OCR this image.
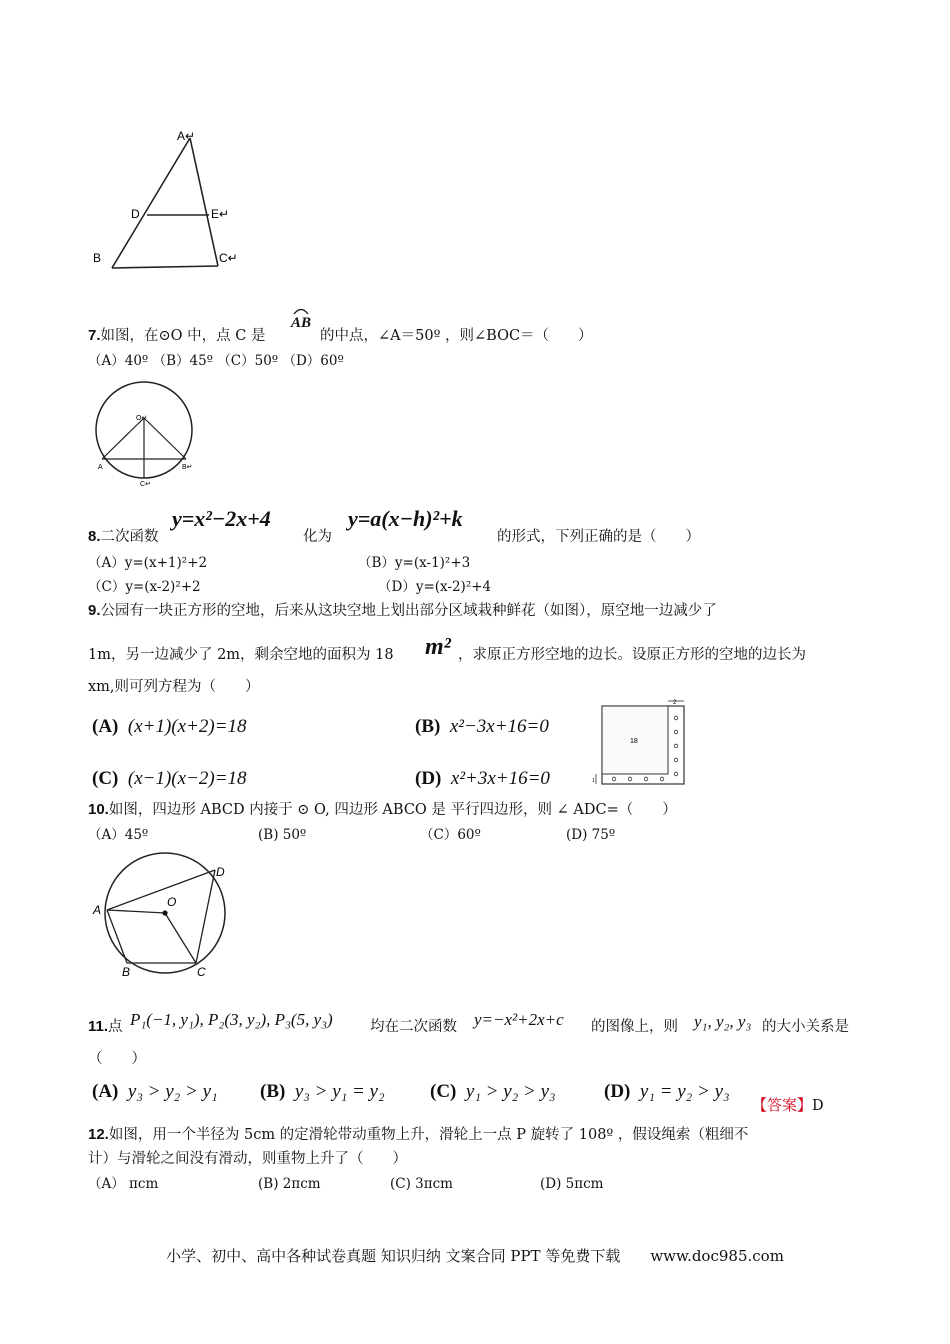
A↵
D	E↵
B	C↵
7.如图，在⊙O 中，点 C 是
AB
的中点，∠A＝50º ，则∠BOC＝（　　）
（A）40º （B）45º （C）50º （D）60º
O↵
A	B↵
C↵
8.二次函数
y=x²−2x+4
化为
y=a(x−h)²+k
的形式，下列正确的是（　　）
（A）y=(x+1)²+2	（B）y=(x-1)²+3
（C）y=(x-2)²+2	（D）y=(x-2)²+4
9.公园有一块正方形的空地，后来从这块空地上划出部分区域栽种鲜花（如图），原空地一边减少了
1m，另一边减少了 2m，剩余空地的面积为 18 m² ，求原正方形空地的边长。设原正方形的空地的边长为
xm,则可列方程为（　　）
(A) (x+1)(x+2)=18	(B) x²−3x+16=0
(C) (x−1)(x−2)=18	(D) x²+3x+16=0
2
1
18
10.如图，四边形 ABCD 内接于 ⊙ O, 四边形 ABCO 是 平行四边形，则 ∠ ADC=（　　）
（A）45º	(B) 50º	（C）60º	(D) 75º
A
O
D
B	C
11.点 P₁(−1, y₁), P₂(3, y₂), P₃(5, y₃)	均在二次函数 y=−x²+2x+c 的图像上，则 y₁, y₂, y₃ 的大小关系是
（　　）
(A) y₃ > y₂ > y₁ (B) y₃ > y₁ = y₂ (C) y₁ > y₂ > y₃	(D) y₁ = y₂ > y₃
【答案】D
12.如图，用一个半径为 5cm 的定滑轮带动重物上升，滑轮上一点 P 旋转了 108º ，假设绳索（粗细不
计）与滑轮之间没有滑动，则重物上升了（　　）
（A） πcm	(B) 2πcm	(C) 3πcm	(D) 5πcm
小学、初中、高中各种试卷真题 知识归纳 文案合同 PPT 等免费下载　　www.doc985.com
